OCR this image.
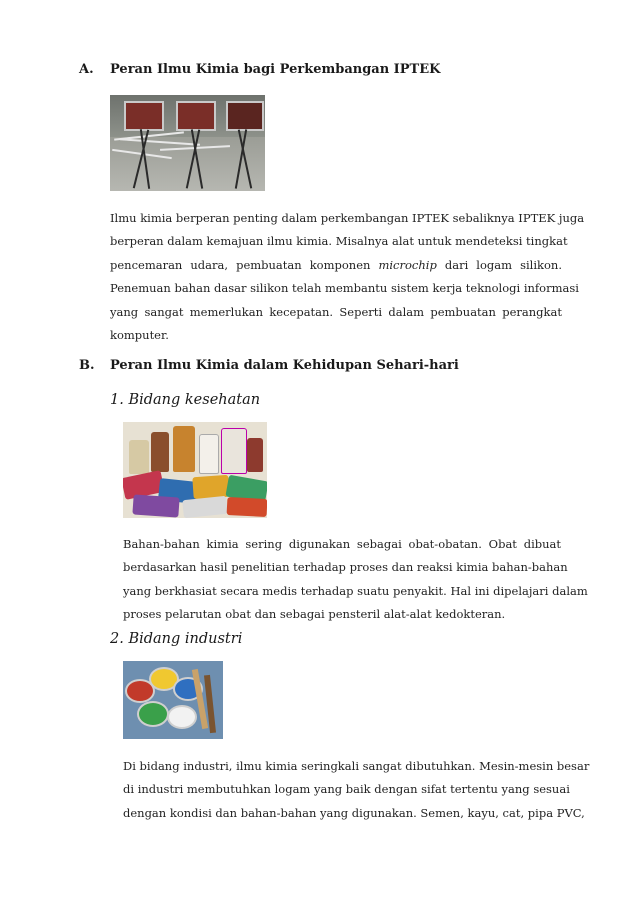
A. Peran Ilmu Kimia bagi Perkembangan IPTEK
Ilmu kimia berperan penting dalam perkembangan IPTEK sebaliknya IPTEK juga
berperan dalam kemajuan ilmu kimia. Misalnya alat untuk mendeteksi tingkat
pencemaran udara, pembuatan komponen microchip dari logam silikon.
Penemuan bahan dasar silikon telah membantu sistem kerja teknologi informasi
yang sangat memerlukan kecepatan. Seperti dalam pembuatan perangkat
komputer.
B. Peran Ilmu Kimia dalam Kehidupan Sehari-hari
1. Bidang kesehatan
Bahan-bahan kimia sering digunakan sebagai obat-obatan. Obat dibuat
berdasarkan hasil penelitian terhadap proses dan reaksi kimia bahan-bahan
yang berkhasiat secara medis terhadap suatu penyakit. Hal ini dipelajari dalam
proses pelarutan obat dan sebagai pensteril alat-alat kedokteran.
2. Bidang industri
Di bidang industri, ilmu kimia seringkali sangat dibutuhkan. Mesin-mesin besar
di industri membutuhkan logam yang baik dengan sifat tertentu yang sesuai
dengan kondisi dan bahan-bahan yang digunakan. Semen, kayu, cat, pipa PVC,
